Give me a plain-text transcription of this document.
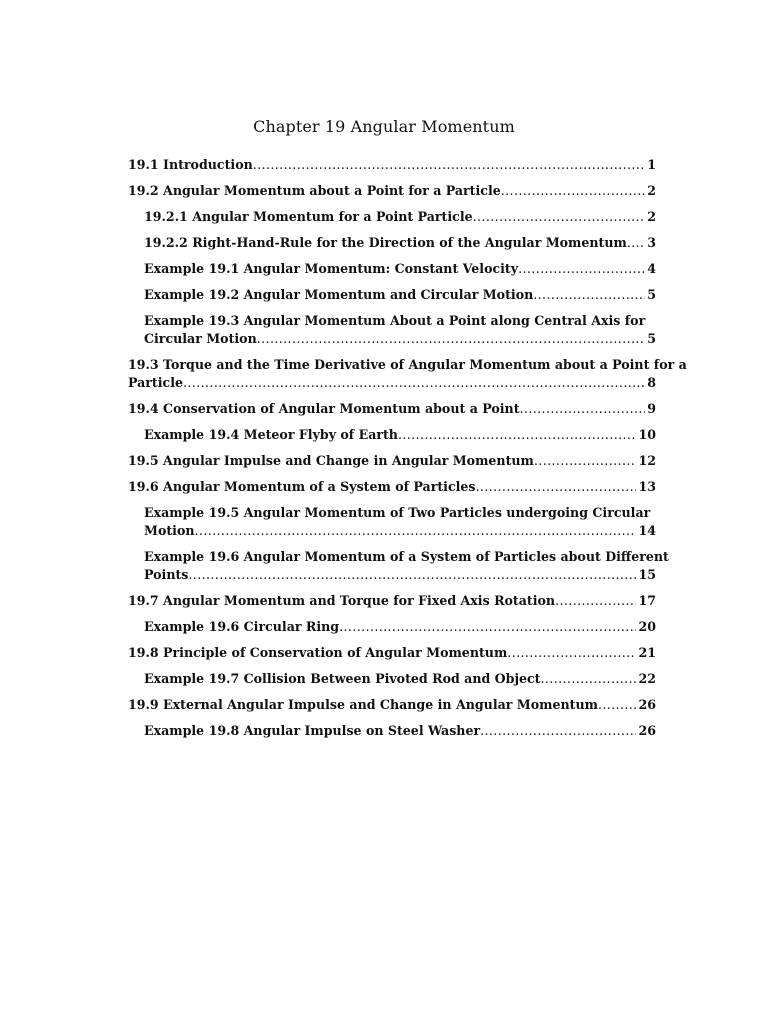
Chapter 19 Angular Momentum
19.1 Introduction .....	1
19.2 Angular Momentum about a Point for a Particle .....	2
19.2.1 Angular Momentum for a Point Particle .....	2
19.2.2 Right-Hand-Rule for the Direction of the Angular Momentum ..... 3
Example 19.1 Angular Momentum: Constant Velocity .....	4
Example 19.2 Angular Momentum and Circular Motion .....	5
Example 19.3 Angular Momentum About a Point along Central Axis for
Circular Motion .....	5
19.3 Torque and the Time Derivative of Angular Momentum about a Point for a
Particle .....	8
19.4 Conservation of Angular Momentum about a Point .....	9
Example 19.4 Meteor Flyby of Earth .....	10
19.5 Angular Impulse and Change in Angular Momentum .....	12
19.6 Angular Momentum of a System of Particles .....	13
Example 19.5 Angular Momentum of Two Particles undergoing Circular
Motion .....	14
Example 19.6 Angular Momentum of a System of Particles about Different
Points .....	15
19.7 Angular Momentum and Torque for Fixed Axis Rotation .....	17
Example 19.6 Circular Ring .....	20
19.8 Principle of Conservation of Angular Momentum .....	21
Example 19.7 Collision Between Pivoted Rod and Object .....	22
19.9 External Angular Impulse and Change in Angular Momentum .....	26
Example 19.8 Angular Impulse on Steel Washer .....	26
